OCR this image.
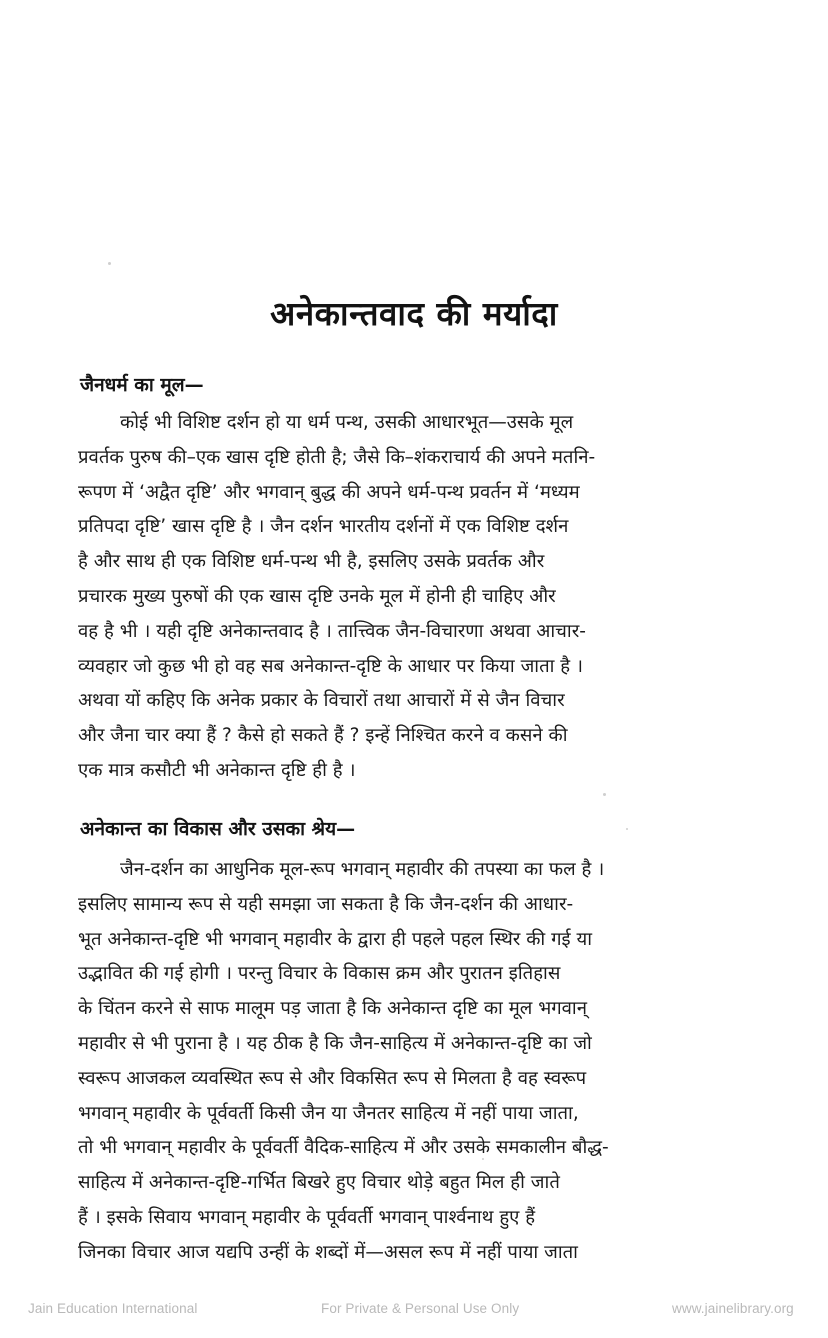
अनेकान्तवाद की मर्यादा
जैनधर्म का मूल—
कोई भी विशिष्ट दर्शन हो या धर्म पन्थ, उसकी आधारभूत—उसके मूल
प्रवर्तक पुरुष की–एक खास दृष्टि होती है; जैसे कि–शंकराचार्य की अपने मतनि-
रूपण में ‘अद्वैत दृष्टि’ और भगवान् बुद्ध की अपने धर्म-पन्थ प्रवर्तन में ‘मध्यम
प्रतिपदा दृष्टि’ खास दृष्टि है । जैन दर्शन भारतीय दर्शनों में एक विशिष्ट दर्शन
है और साथ ही एक विशिष्ट धर्म-पन्थ भी है, इसलिए उसके प्रवर्तक और
प्रचारक मुख्य पुरुषों की एक खास दृष्टि उनके मूल में होनी ही चाहिए और
वह है भी । यही दृष्टि अनेकान्तवाद है । तात्त्विक जैन-विचारणा अथवा आचार-
व्यवहार जो कुछ भी हो वह सब अनेकान्त-दृष्टि के आधार पर किया जाता है ।
अथवा यों कहिए कि अनेक प्रकार के विचारों तथा आचारों में से जैन विचार
और जैना चार क्या हैं ? कैसे हो सकते हैं ? इन्हें निश्चित करने व कसने की
एक मात्र कसौटी भी अनेकान्त दृष्टि ही है ।
अनेकान्त का विकास और उसका श्रेय—
जैन-दर्शन का आधुनिक मूल-रूप भगवान् महावीर की तपस्या का फल है ।
इसलिए सामान्य रूप से यही समझा जा सकता है कि जैन-दर्शन की आधार-
भूत अनेकान्त-दृष्टि भी भगवान् महावीर के द्वारा ही पहले पहल स्थिर की गई या
उद्भावित की गई होगी । परन्तु विचार के विकास क्रम और पुरातन इतिहास
के चिंतन करने से साफ मालूम पड़ जाता है कि अनेकान्त दृष्टि का मूल भगवान्
महावीर से भी पुराना है । यह ठीक है कि जैन-साहित्य में अनेकान्त-दृष्टि का जो
स्वरूप आजकल व्यवस्थित रूप से और विकसित रूप से मिलता है वह स्वरूप
भगवान् महावीर के पूर्ववर्ती किसी जैन या जैनतर साहित्य में नहीं पाया जाता,
तो भी भगवान् महावीर के पूर्ववर्ती वैदिक-साहित्य में और उसके समकालीन बौद्ध-
साहित्य में अनेकान्त-दृष्टि-गर्भित बिखरे हुए विचार थोड़े बहुत मिल ही जाते
हैं । इसके सिवाय भगवान् महावीर के पूर्ववर्ती भगवान् पार्श्वनाथ हुए हैं
जिनका विचार आज यद्यपि उन्हीं के शब्दों में—असल रूप में नहीं पाया जाता
Jain Education International	For Private & Personal Use Only	www.jainelibrary.org
